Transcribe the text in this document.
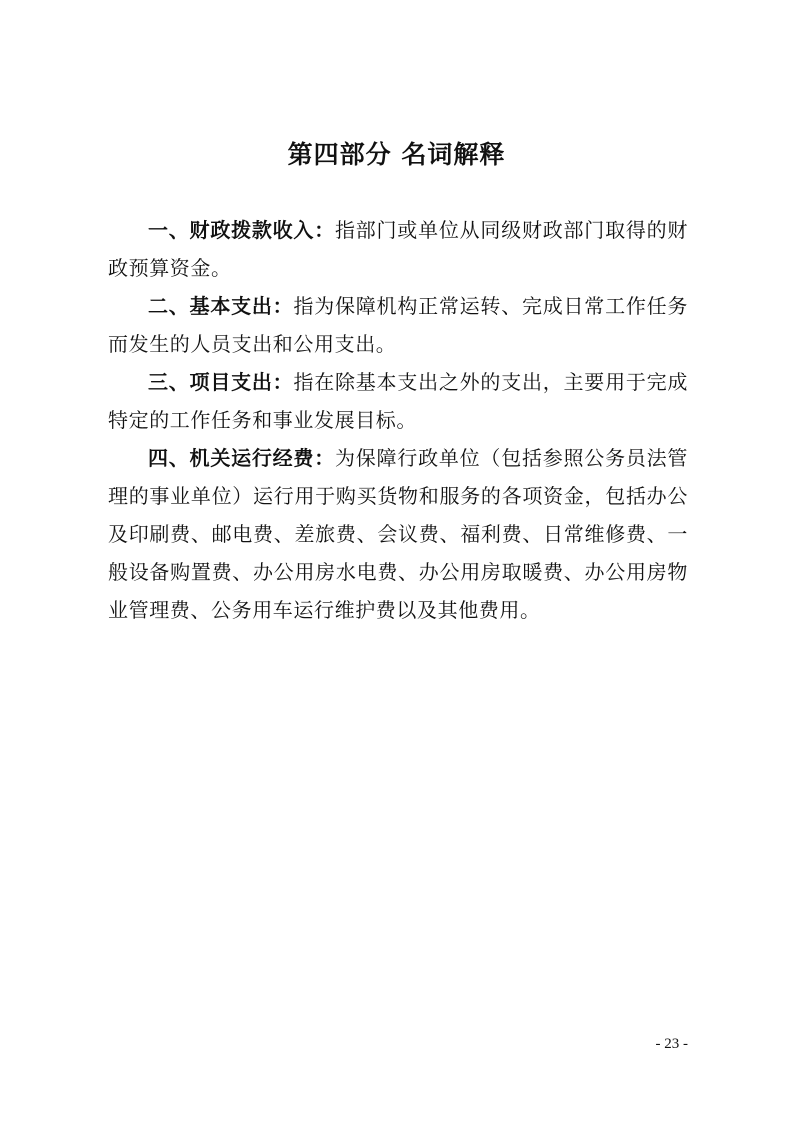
第四部分 名词解释

一、财政拨款收入：指部门或单位从同级财政部门取得的财政预算资金。

二、基本支出：指为保障机构正常运转、完成日常工作任务而发生的人员支出和公用支出。

三、项目支出：指在除基本支出之外的支出，主要用于完成特定的工作任务和事业发展目标。

四、机关运行经费：为保障行政单位（包括参照公务员法管理的事业单位）运行用于购买货物和服务的各项资金，包括办公及印刷费、邮电费、差旅费、会议费、福利费、日常维修费、一般设备购置费、办公用房水电费、办公用房取暖费、办公用房物业管理费、公务用车运行维护费以及其他费用。

- 23 -
